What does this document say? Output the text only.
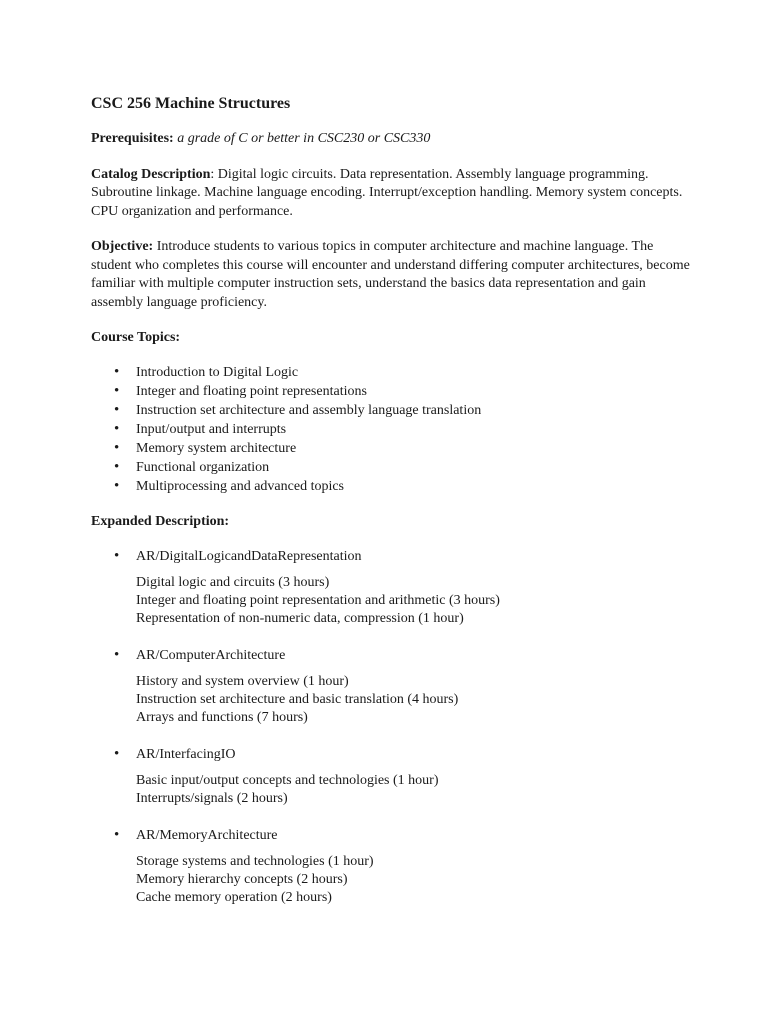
CSC 256 Machine Structures
Prerequisites: a grade of C or better in CSC230 or CSC330
Catalog Description: Digital logic circuits. Data representation. Assembly language programming. Subroutine linkage. Machine language encoding. Interrupt/exception handling. Memory system concepts. CPU organization and performance.
Objective: Introduce students to various topics in computer architecture and machine language. The student who completes this course will encounter and understand differing computer architectures, become familiar with multiple computer instruction sets, understand the basics data representation and gain assembly language proficiency.
Course Topics:
• Introduction to Digital Logic
• Integer and floating point representations
• Instruction set architecture and assembly language translation
• Input/output and interrupts
• Memory system architecture
• Functional organization
• Multiprocessing and advanced topics
Expanded Description:
• AR/DigitalLogicandDataRepresentation
Digital logic and circuits (3 hours)
Integer and floating point representation and arithmetic (3 hours)
Representation of non-numeric data, compression (1 hour)
• AR/ComputerArchitecture
History and system overview (1 hour)
Instruction set architecture and basic translation (4 hours)
Arrays and functions (7 hours)
• AR/InterfacingIO
Basic input/output concepts and technologies (1 hour)
Interrupts/signals (2 hours)
• AR/MemoryArchitecture
Storage systems and technologies (1 hour)
Memory hierarchy concepts (2 hours)
Cache memory operation (2 hours)
